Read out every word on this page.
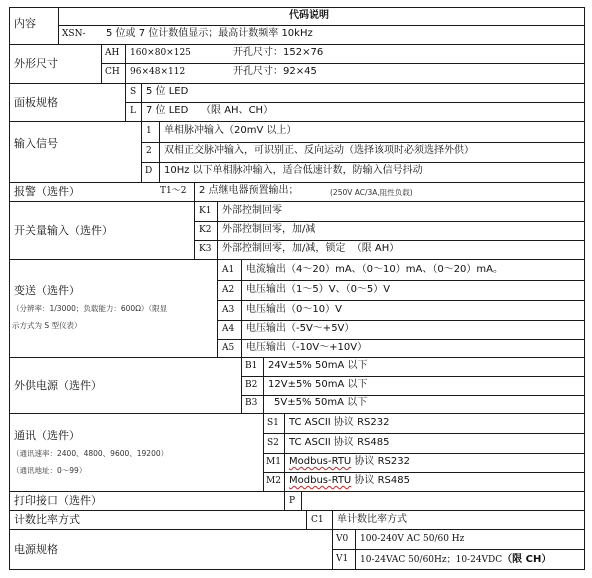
内容
代码说明
XSN- 5 位或 7 位计数值显示；最高计数频率 10kHz
外形尺寸
AH 160×80×125	开孔尺寸：152×76
CH 96×48×112	开孔尺寸：92×45
面板规格
S 5 位 LED
L 7 位 LED    （限 AH、CH）
输入信号
1 单相脉冲输入（20mV 以上）
2 双相正交脉冲输入，可识别正、反向运动（选择该项时必须选择外供）
D 10Hz 以下单相脉冲输入，适合低速计数，防输入信号抖动
报警（选件）	T1～2 2 点继电器预置输出；	(250V AC/3A,阻性负载)
开关量输入（选件）
K1 外部控制回零
K2 外部控制回零，加/减
K3 外部控制回零，加/减，锁定  （限 AH）
变送（选件）
（分辨率：1/3000；负载能力：600Ω）（限显
示方式为 S 型仪表）
A1 电流输出（4～20）mA、（0～10）mA、（0～20）mA。
A2 电压输出（1～5）V、（0～5）V
A3 电压输出（0～10）V
A4 电压输出（-5V～+5V）
A5 电压输出（-10V～+10V）
外供电源（选件）
B1 24V±5% 50mA 以下
B2 12V±5% 50mA 以下
B3 5V±5% 50mA 以下
通讯（选件）
（通讯速率：2400、4800、9600、19200）
（通讯地址：0～99）
S1 TC ASCII 协议 RS232
S2 TC ASCII 协议 RS485
M1 Modbus-RTU 协议 RS232
M2 Modbus-RTU 协议 RS485
打印接口（选件）	P
计数比率方式	C1 单计数比率方式
电源规格
V0 100-240V AC 50/60 Hz
V1 10-24VAC 50/60Hz；10-24VDC（限 CH）
